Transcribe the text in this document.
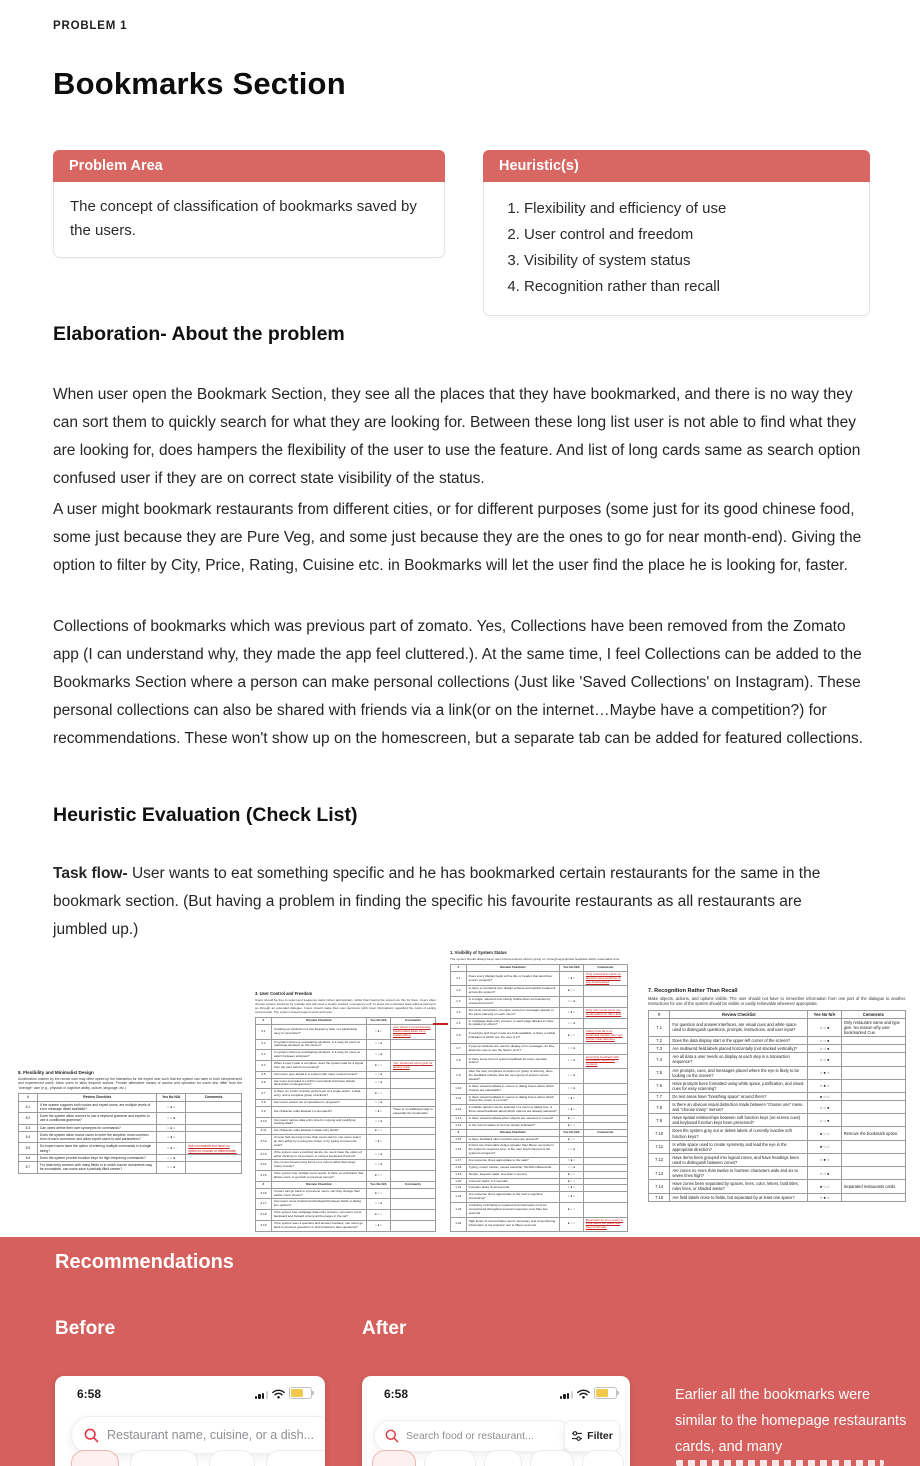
PROBLEM 1
Bookmarks Section
Problem Area
The concept of classification of bookmarks saved by the users.
Heuristic(s)
1. Flexibility and efficiency of use
2. User control and freedom
3. Visibility of system status
4. Recognition rather than recall
Elaboration- About the problem
When user open the Bookmark Section, they see all the places that they have bookmarked, and there is no way they can sort them to quickly search for what they are looking for. Between these long list user is not able to find what they are looking for, does hampers the flexibility of the user to use the feature. And list of long cards same as search option confused user if they are on correct state visibility of the status.
A user might bookmark restaurants from different cities, or for different purposes (some just for its good chinese food, some just because they are Pure Veg, and some just because they are the ones to go for near month-end). Giving the option to filter by City, Price, Rating, Cuisine etc. in Bookmarks will let the user find the place he is looking for, faster.
Collections of bookmarks which was previous part of zomato. Yes, Collections have been removed from the Zomato app (I can understand why, they made the app feel cluttered.). At the same time, I feel Collections can be added to the Bookmarks Section where a person can make personal collections (Just like 'Saved Collections' on Instagram). These personal collections can also be shared with friends via a link(or on the internet…Maybe have a competition?) for recommendations. These won't show up on the homescreen, but a separate tab can be added for featured collections.
Heuristic Evaluation (Check List)
Task flow- User wants to eat something specific and he has bookmarked certain restaurants for the same in the bookmark section. (But having a problem in finding the specific his favourite restaurants as all restaurants are jumbled up.)
8. Flexibility and Minimalist Design
Accelerators unseen by the novice user may often speed up the interaction for the expert user such that the system can cater to both inexperienced and experienced users. Allow users to tailor frequent actions. Provide alternative means of access and operation for users who differ from the "average" user (e.g., physical or cognitive ability, culture, language, etc.)
#	Review Checklist	Yes No N/A	Comments
8.1	If the system supports both novice and expert users, are multiple levels of error message detail available?	○ ● ○	
8.2	Does the system allow novices to use a keyword grammar and experts to use a conditional grammar?	○ ○ ●	
8.3	Can users define their own synonyms for commands?	○ ● ○	
8.4	Does the system allow novice users to enter the simplest, most common form of each command, and allow expert users to add parameters?	○ ● ○	
8.5	Do expert users have the option of entering multiple commands in a single string?	○ ● ○	Not commands but have no option to choose or differentiate.
8.6	Does the system provide function keys for high-frequency commands?	○ ○ ●	
8.7	For data entry screens with many fields or in which source documents may be incomplete, can users save a partially filled screen?	○ ○ ●	
3. User Control and Freedom
Users should be free to select and sequence tasks (when appropriate), rather than having the system do this for them. Users often choose system functions by mistake and will need a clearly marked "emergency exit" to leave the unwanted state without having to go through an extended dialogue. Users should make their own decisions (with clear information) regarding the costs of exiting current work. The system should support undo and redo.
#	Review Checklist	Yes No N/A	Comments
3.1	If setting up windows is a low-frequency task, is it particularly easy to remember?	○ ● ○	user doesn't remember/see bookmarked when he is bookmarking
3.2	In systems that use overlapping windows, is it easy for users to rearrange windows on the screen?	○ ○ ●	
3.3	In systems that use overlapping windows, is it easy for users to switch between windows?	○ ○ ●	
3.4	When a user's task is complete, does the system wait for a signal from the user before processing?	● ○ ○	Yes, bookmark icons gets for saving mark
3.5	Can users type ahead in a system with many nested menus?	○ ○ ●	
3.6	Are users prompted to confirm commands that have drastic, destructive consequences?	○ ○ ●	
3.7	Is there an "undo" function at the level of a single action, a data entry, and a complete group of actions?	● ○ ○	
3.8	Can users cancel out of operations in progress?	○ ○ ●	
3.9	Are character edits allowed in commands?	○ ● ○	There is no additional step to especially the bookmarks
3.10	Can users reduce data entry time by copying and modifying existing data?	○ ○ ●	
3.11	Are character edits allowed in data entry fields?	● ○ ○	
3.12	If menu lists are long (more than seven items), can users select an item either by moving the cursor or by typing a mnemonic code?	○ ● ○	
3.13	If the system uses a pointing device, do users have the option of either clicking on menu items or using a keyboard shortcut?	○ ○ ●	
3.14	Are menus broad (many items on a menu) rather than deep (many levels)?	○ ○ ●	
3.15	If the system has multiple menu levels, is there a mechanism that allows users to go back to previous menus?	● ○ ○	
#	Review Checklist	Yes No N/A	Comments
3.16	If users can go back to a previous menu, can they change their earlier menu choice?	● ○ ○	
3.17	Can users move forward and backward between fields or dialog box options?	○ ○ ●	
3.18	If the system has multipage data entry screens, can users move backward and forward among all the pages in the set?	● ○ ○	
3.19	If the system uses a question and answer interface, can users go back to previous questions or skip forward to later questions?	○ ● ○	
1. Visibility of System Status
The system should always keep user informed about what is going on, through appropriate feedback within reasonable time.
#	Review Checklist	Yes No N/A	Comments
1.1	Does every display begin with a title or header that describes screen contents?	○ ● ○	Only restaurants cards on direction area and how or why bookmarked
1.2	Is there a consistent icon design scheme and stylistic treatment across the system?	● ○ ○	
1.3	Is a single, selected icon clearly visible when surrounded by unselected icons?	○ ○ ●	
1.4	Do menu instructions, prompts, and error messages appear in the same place(s) on each menu?	○ ● ○	Only only menu icons are bookmarked on other lists
1.5	In multipage data entry screens, is each page labeled to show its relation to others?	○ ○ ●	
1.6	If overtype and insert mode are both available, is there a visible indication of which one the user is in?	● ○ ○	Clarity how far is to bookmark section don't get further clear direction
1.7	If pop-up windows are used to display error messages, do they allow the user to see the field in error?	○ ○ ●	
1.8	Is there some form of system feedback for every operator action?	○ ○ ●	according feedback with information about the contents
1.9	After the user completes an action (or group of actions), does the feedback indicate that the next group of actions can be started?	○ ○ ●	
1.10	Is there visual feedback in menus or dialog boxes about which choices are selectable?	○ ○ ●	
1.11	Is there visual feedback in menus or dialog boxes about which choice the cursor is on now?	○ ● ○	
1.12	If multiple options can be selected in a menu or dialog box, is there visual feedback about which options are already selected?	○ ● ○	
1.13	Is there visual feedback when objects are selected or moved?	● ○ ○	
1.14	Is the current status of an icon clearly indicated?	● ○ ○	
#	Review Checklist	Yes No N/A	Comments
1.15	Is there feedback when function keys are pressed?	● ○ ○	
1.16	If there are observable delays (greater than fifteen seconds) in the system's response time, is the user kept informed of the system's progress?	○ ○ ●	
1.17	Are response times appropriate to the task?	○ ● ○	
1.18	Typing, cursor motion, mouse selection: 50-150 milliseconds	○ ○ ●	
1.19	Simple, frequent tasks: less than 1 second	● ○ ○	
1.20	Common tasks: 2-4 seconds	● ○ ○	
1.21	Complex tasks: 8-12 seconds	○ ● ○	
1.22	Are response times appropriate to the user's cognitive processing?	○ ● ○	
1.23	Continuity of thinking is required and information must be remembered throughout several responses: less than two seconds	● ○ ○	
1.24	High levels of concentration aren't necessary and remembering information is not required: two to fifteen seconds	● ○ ○	Bookmark an icon needs to think about the place and then bookmark.
7. Recognition Rather Than Recall
Make objects, actions, and options visible. The user should not have to remember information from one part of the dialogue to another. Instructions for use of the system should be visible or easily retrievable whenever appropriate.
#	Review Checklist	Yes No N/A	Comments
7.1	For question and answer interfaces, are visual cues and white space used to distinguish questions, prompts, instructions, and user input?	○ ○ ●	Only restaurant name and type give. No reason why user bookmarked Cue.
7.2	Does the data display start in the upper-left corner of the screen?	○ ○ ●	
7.3	Are multiword field labels placed horizontally (not stacked vertically)?	○ ○ ●	
7.4	Are all data a user needs on display at each step in a transaction sequence?	○ ○ ●	
7.5	Are prompts, cues, and messages placed where the eye is likely to be looking on the screen?	○ ● ○	
7.6	Have prompts been formatted using white space, justification, and visual cues for easy scanning?	○ ● ○	
7.7	Do text areas have "breathing space" around them?	● ○ ○	
7.8	Is there an obvious visual distinction made between "choose one" menu and "choose many" menus?	○ ○ ●	
7.9	Have spatial relationships between soft function keys (on-screen cues) and keyboard function keys been preserved?	○ ○ ●	
7.10	Does the system gray out or delete labels of currently inactive soft function keys?	● ○ ○	Remove the bookmark option.
7.11	Is white space used to create symmetry and lead the eye in the appropriate direction?	● ○ ○	
7.12	Have items been grouped into logical zones, and have headings been used to distinguish between zones?	○ ● ○	
7.13	Are zones no more than twelve to fourteen characters wide and six to seven lines high?	○ ○ ●	
7.14	Have zones been separated by spaces, lines, color, letters, bold titles, rules lines, or shaded areas?	● ○ ○	Separated restaurants cards
7.15	Are field labels close to fields, but separated by at least one space?	○ ● ○	
Recommendations
Before	After
6:58
Restaurant name, cuisine, or a dish...
6:58
Search food or restaurant...	Filter
Earlier all the bookmarks were similar to the homepage restaurants cards, and many
